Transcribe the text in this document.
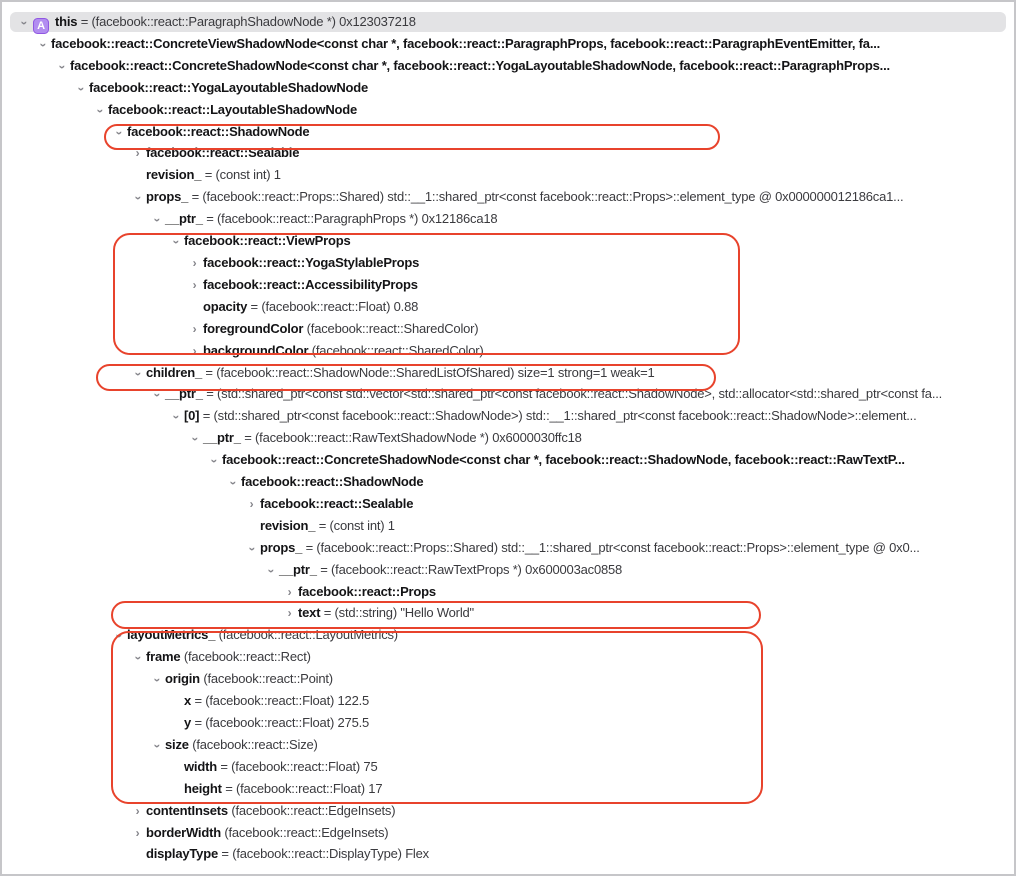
› A this = (facebook::react::ParagraphShadowNode *) 0x123037218
›facebook::react::ConcreteViewShadowNode<const char *, facebook::react::ParagraphProps, facebook::react::ParagraphEventEmitter, fa...
›facebook::react::ConcreteShadowNode<const char *, facebook::react::YogaLayoutableShadowNode, facebook::react::ParagraphProps...
›facebook::react::YogaLayoutableShadowNode
›facebook::react::LayoutableShadowNode
›facebook::react::ShadowNode
› facebook::react::Sealable
revision_ = (const int) 1
›props_ = (facebook::react::Props::Shared) std::__1::shared_ptr<const facebook::react::Props>::element_type @ 0x000000012186ca1...
›__ptr_ = (facebook::react::ParagraphProps *) 0x12186ca18
›facebook::react::ViewProps
› facebook::react::YogaStylableProps
› facebook::react::AccessibilityProps
opacity = (facebook::react::Float) 0.88
› foregroundColor (facebook::react::SharedColor)
› backgroundColor (facebook::react::SharedColor)
›children_ = (facebook::react::ShadowNode::SharedListOfShared) size=1 strong=1 weak=1
›__ptr_ = (std::shared_ptr<const std::vector<std::shared_ptr<const facebook::react::ShadowNode>, std::allocator<std::shared_ptr<const fa...
›[0] = (std::shared_ptr<const facebook::react::ShadowNode>) std::__1::shared_ptr<const facebook::react::ShadowNode>::element...
›__ptr_ = (facebook::react::RawTextShadowNode *) 0x6000030ffc18
›facebook::react::ConcreteShadowNode<const char *, facebook::react::ShadowNode, facebook::react::RawTextP...
›facebook::react::ShadowNode
› facebook::react::Sealable
revision_ = (const int) 1
›props_ = (facebook::react::Props::Shared) std::__1::shared_ptr<const facebook::react::Props>::element_type @ 0x0...
›__ptr_ = (facebook::react::RawTextProps *) 0x600003ac0858
› facebook::react::Props
› text = (std::string) "Hello World"
›layoutMetrics_ (facebook::react::LayoutMetrics)
›frame (facebook::react::Rect)
›origin (facebook::react::Point)
x = (facebook::react::Float) 122.5
y = (facebook::react::Float) 275.5
›size (facebook::react::Size)
width = (facebook::react::Float) 75
height = (facebook::react::Float) 17
› contentInsets (facebook::react::EdgeInsets)
› borderWidth (facebook::react::EdgeInsets)
displayType = (facebook::react::DisplayType) Flex
